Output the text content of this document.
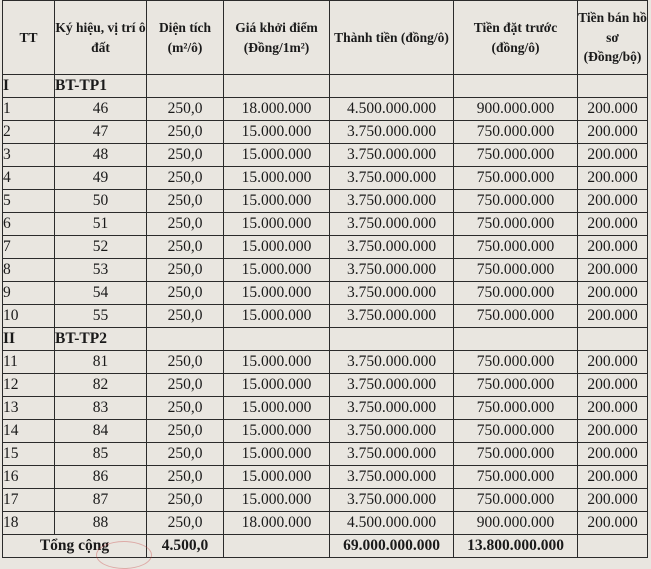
TT	Ký hiệu, vị trí ô đất	Diện tích (m²/ô)	Giá khởi điểm (Đồng/1m²)	Thành tiền (đồng/ô)	Tiền đặt trước (đồng/ô)	Tiền bán hồ sơ (Đồng/bộ)
I	BT-TP1					
1	46	250,0	18.000.000	4.500.000.000	900.000.000	200.000
2	47	250,0	15.000.000	3.750.000.000	750.000.000	200.000
3	48	250,0	15.000.000	3.750.000.000	750.000.000	200.000
4	49	250,0	15.000.000	3.750.000.000	750.000.000	200.000
5	50	250,0	15.000.000	3.750.000.000	750.000.000	200.000
6	51	250,0	15.000.000	3.750.000.000	750.000.000	200.000
7	52	250,0	15.000.000	3.750.000.000	750.000.000	200.000
8	53	250,0	15.000.000	3.750.000.000	750.000.000	200.000
9	54	250,0	15.000.000	3.750.000.000	750.000.000	200.000
10	55	250,0	15.000.000	3.750.000.000	750.000.000	200.000
II	BT-TP2					
11	81	250,0	15.000.000	3.750.000.000	750.000.000	200.000
12	82	250,0	15.000.000	3.750.000.000	750.000.000	200.000
13	83	250,0	15.000.000	3.750.000.000	750.000.000	200.000
14	84	250,0	15.000.000	3.750.000.000	750.000.000	200.000
15	85	250,0	15.000.000	3.750.000.000	750.000.000	200.000
16	86	250,0	15.000.000	3.750.000.000	750.000.000	200.000
17	87	250,0	15.000.000	3.750.000.000	750.000.000	200.000
18	88	250,0	18.000.000	4.500.000.000	900.000.000	200.000
Tổng cộng		4.500,0		69.000.000.000	13.800.000.000	
